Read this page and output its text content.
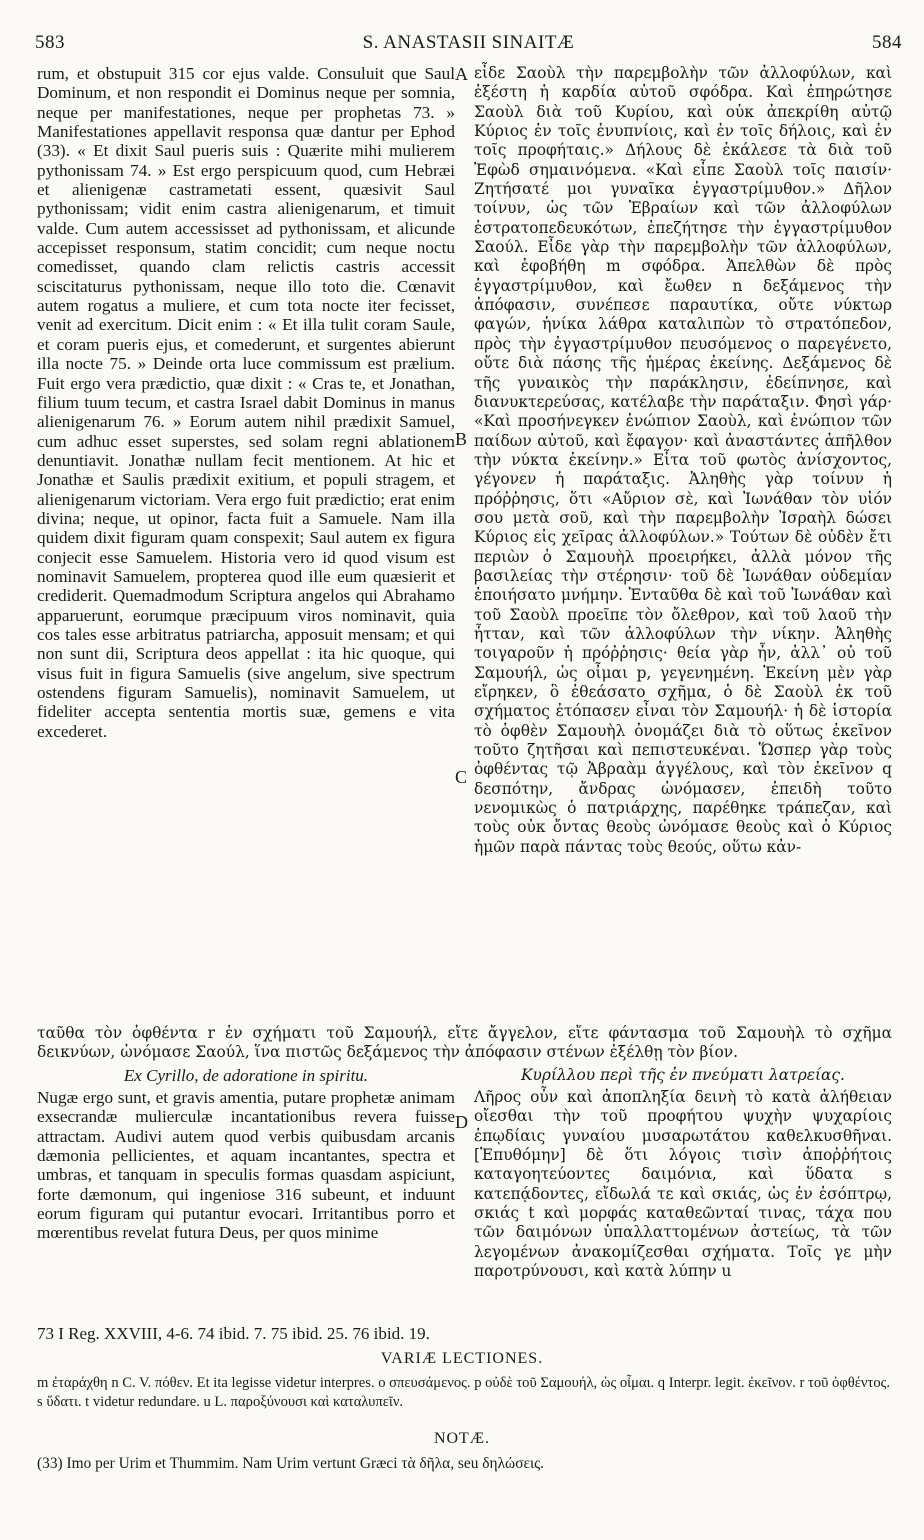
583	S. ANASTASII SINAITÆ	584

rum, et obstupuit 315 cor ejus valde. Consuluit que Saul Dominum, et non respondit ei Dominus neque per somnia, neque per manifestationes, neque per prophetas 73. » Manifestationes appellavit responsa quæ dantur per Ephod (33). « Et dixit Saul pueris suis : Quærite mihi mulierem pythonissam 74. » Est ergo perspicuum quod, cum Hebræi et alienigenæ castrametati essent, quæsivit Saul pythonissam; vidit enim castra alienigenarum, et timuit valde. Cum autem accessisset ad pythonissam, et alicunde accepisset responsum, statim concidit; cum neque noctu comedisset, quando clam relictis castris accessit sciscitaturus pythonissam, neque illo toto die. Cœnavit autem rogatus a muliere, et cum tota nocte iter fecisset, venit ad exercitum. Dicit enim : « Et illa tulit coram Saule, et coram pueris ejus, et comederunt, et surgentes abierunt illa nocte 75. » Deinde orta luce commissum est prælium. Fuit ergo vera prædictio, quæ dixit : « Cras te, et Jonathan, filium tuum tecum, et castra Israel dabit Dominus in manus alienigenarum 76. » Eorum autem nihil prædixit Samuel, cum adhuc esset superstes, sed solam regni ablationem denuntiavit. Jonathæ nullam fecit mentionem. At hic et Jonathæ et Saulis prædixit exitium, et populi stragem, et alienigenarum victoriam. Vera ergo fuit prædictio; erat enim divina; neque, ut opinor, facta fuit a Samuele. Nam illa quidem dixit figuram quam conspexit; Saul autem ex figura conjecit esse Samuelem. Historia vero id quod visum est nominavit Samuelem, propterea quod ille eum quæsierit et crediderit. Quemadmodum Scriptura angelos qui Abrahamo apparuerunt, eorumque præcipuum viros nominavit, quia cos tales esse arbitratus patriarcha, apposuit mensam; et qui non sunt dii, Scriptura deos appellat : ita hic quoque, qui visus fuit in figura Samuelis (sive angelum, sive spectrum ostendens figuram Samuelis), nominavit Samuelem, ut fideliter accepta sententia mortis suæ, gemens e vita excederet.

εἶδε Σαοὺλ τὴν παρεμβολὴν τῶν ἀλλοφύλων, καὶ ἐξέστη ἡ καρδία αὐτοῦ σφόδρα. Καὶ ἐπηρώτησε Σαοὺλ διὰ τοῦ Κυρίου, καὶ οὐκ ἀπεκρίθη αὐτῷ Κύριος ἐν τοῖς ἐνυπνίοις, καὶ ἐν τοῖς δήλοις, καὶ ἐν τοῖς προφήταις.» Δήλους δὲ ἐκάλεσε τὰ διὰ τοῦ Ἐφὼδ σημαινόμενα. «Καὶ εἶπε Σαοὺλ τοῖς παισίν· Ζητήσατέ μοι γυναῖκα ἐγγαστρίμυθον.» Δῆλον τοίνυν, ὡς τῶν Ἑβραίων καὶ τῶν ἀλλοφύλων ἐστρατοπεδευκότων, ἐπεζήτησε τὴν ἐγγαστρίμυθον Σαούλ. Εἶδε γὰρ τὴν παρεμβολὴν τῶν ἀλλοφύλων, καὶ ἐφοβήθη m σφόδρα. Ἀπελθὼν δὲ πρὸς ἐγγαστρίμυθον, καὶ ἔωθεν n δεξάμενος τὴν ἀπόφασιν, συνέπεσε παραυτίκα, οὔτε νύκτωρ φαγών, ἡνίκα λάθρα καταλιπὼν τὸ στρατόπεδον, πρὸς τὴν ἐγγαστρίμυθον πευσόμενος o παρεγένετο, οὔτε διὰ πάσης τῆς ἡμέρας ἐκείνης. Δεξάμενος δὲ τῆς γυναικὸς τὴν παράκλησιν, ἐδείπνησε, καὶ διανυκτερεύσας, κατέλαβε τὴν παράταξιν. Φησὶ γάρ· «Καὶ προσήνεγκεν ἐνώπιον Σαοὺλ, καὶ ἐνώπιον τῶν παίδων αὐτοῦ, καὶ ἔφαγον· καὶ ἀναστάντες ἀπῆλθον τὴν νύκτα ἐκείνην.» Εἶτα τοῦ φωτὸς ἀνίσχοντος, γέγονεν ἡ παράταξις. Ἀληθὴς γὰρ τοίνυν ἡ πρόῤῥησις, ὅτι «Αὔριον σὲ, καὶ Ἰωνάθαν τὸν υἱόν σου μετὰ σοῦ, καὶ τὴν παρεμβολὴν Ἰσραὴλ δώσει Κύριος εἰς χεῖρας ἀλλοφύλων.» Τούτων δὲ οὐδὲν ἔτι περιὼν ὁ Σαμουὴλ προειρήκει, ἀλλὰ μόνον τῆς βασιλείας τὴν στέρησιν· τοῦ δὲ Ἰωνάθαν οὐδεμίαν ἐποιήσατο μνήμην. Ἐνταῦθα δὲ καὶ τοῦ Ἰωνάθαν καὶ τοῦ Σαοὺλ προεῖπε τὸν ὄλεθρον, καὶ τοῦ λαοῦ τὴν ἧτταν, καὶ τῶν ἀλλοφύλων τὴν νίκην. Ἀληθὴς τοιγαροῦν ἡ πρόῤῥησις· θεία γὰρ ἦν, ἀλλ᾽ οὐ τοῦ Σαμουήλ, ὡς οἶμαι p, γεγενημένη. Ἐκείνη μὲν γὰρ εἴρηκεν, ὃ ἐθεάσατο σχῆμα, ὁ δὲ Σαοὺλ ἐκ τοῦ σχήματος ἐτόπασεν εἶναι τὸν Σαμουήλ· ἡ δὲ ἱστορία τὸ ὀφθὲν Σαμουὴλ ὀνομάζει διὰ τὸ οὕτως ἐκεῖνον τοῦτο ζητῆσαι καὶ πεπιστευκέναι. Ὥσπερ γὰρ τοὺς ὀφθέντας τῷ Ἀβραὰμ ἀγγέλους, καὶ τὸν ἐκεῖνον q δεσπότην, ἄνδρας ὠνόμασεν, ἐπειδὴ τοῦτο νενομικὼς ὁ πατριάρχης, παρέθηκε τράπεζαν, καὶ τοὺς οὐκ ὄντας θεοὺς ὠνόμασε θεοὺς καὶ ὁ Κύριος ἡμῶν παρὰ πάντας τοὺς θεούς, οὕτω κἀν-

A
B
C
D
ταῦθα τὸν ὀφθέντα r ἐν σχήματι τοῦ Σαμουήλ, εἴτε ἄγγελον, εἴτε φάντασμα τοῦ Σαμουὴλ τὸ σχῆμα δεικνύων, ὠνόμασε Σαούλ, ἵνα πιστῶς δεξάμενος τὴν ἀπόφασιν στένων ἐξέλθῃ τὸν βίον.
Ex Cyrillo, de adoratione in spiritu.	Κυρίλλου περὶ τῆς ἐν πνεύματι λατρείας.

Nugæ ergo sunt, et gravis amentia, putare prophetæ animam exsecrandæ mulierculæ incantationibus revera fuisse attractam. Audivi autem quod verbis quibusdam arcanis dæmonia pellicientes, et aquam incantantes, spectra et umbras, et tanquam in speculis formas quasdam aspiciunt, forte dæmonum, qui ingeniose 316 subeunt, et induunt eorum figuram qui putantur evocari. Irritantibus porro et mœrentibus revelat futura Deus, per quos minime

Λῆρος οὖν καὶ ἀποπληξία δεινὴ τὸ κατὰ ἀλήθειαν οἴεσθαι τὴν τοῦ προφήτου ψυχὴν ψυχαρίοις ἐπῳδίαις γυναίου μυσαρωτάτου καθελκυσθῆναι. [Ἐπυθόμην] δὲ ὅτι λόγοις τισὶν ἀποῤῥήτοις καταγοητεύοντες δαιμόνια, καὶ ὕδατα s κατεπᾴδοντες, εἴδωλά τε καὶ σκιάς, ὡς ἐν ἐσόπτρῳ, σκιάς t καὶ μορφάς καταθεῶνταί τινας, τάχα που τῶν δαιμόνων ὑπαλλαττομένων ἀστείως, τὰ τῶν λεγομένων ἀνακομίζεσθαι σχήματα. Τοῖς γε μὴν παροτρύνουσι, καὶ κατὰ λύπην u

73 I Reg. XXVIII, 4-6. 74 ibid. 7. 75 ibid. 25. 76 ibid. 19.
VARIÆ LECTIONES.
m ἐταράχθη n C. V. πόθεν. Et ita legisse videtur interpres. o σπευσάμενος. p οὐδὲ τοῦ Σαμουήλ, ὡς οἶμαι. q Interpr. legit. ἐκεῖνον. r τοῦ ὀφθέντος. s ὕδατι. t videtur redundare. u L. παροξύνουσι καὶ καταλυπεῖν.
NOTÆ.
(33) Imo per Urim et Thummim. Nam Urim vertunt Græci τὰ δῆλα, seu δηλώσεις.
